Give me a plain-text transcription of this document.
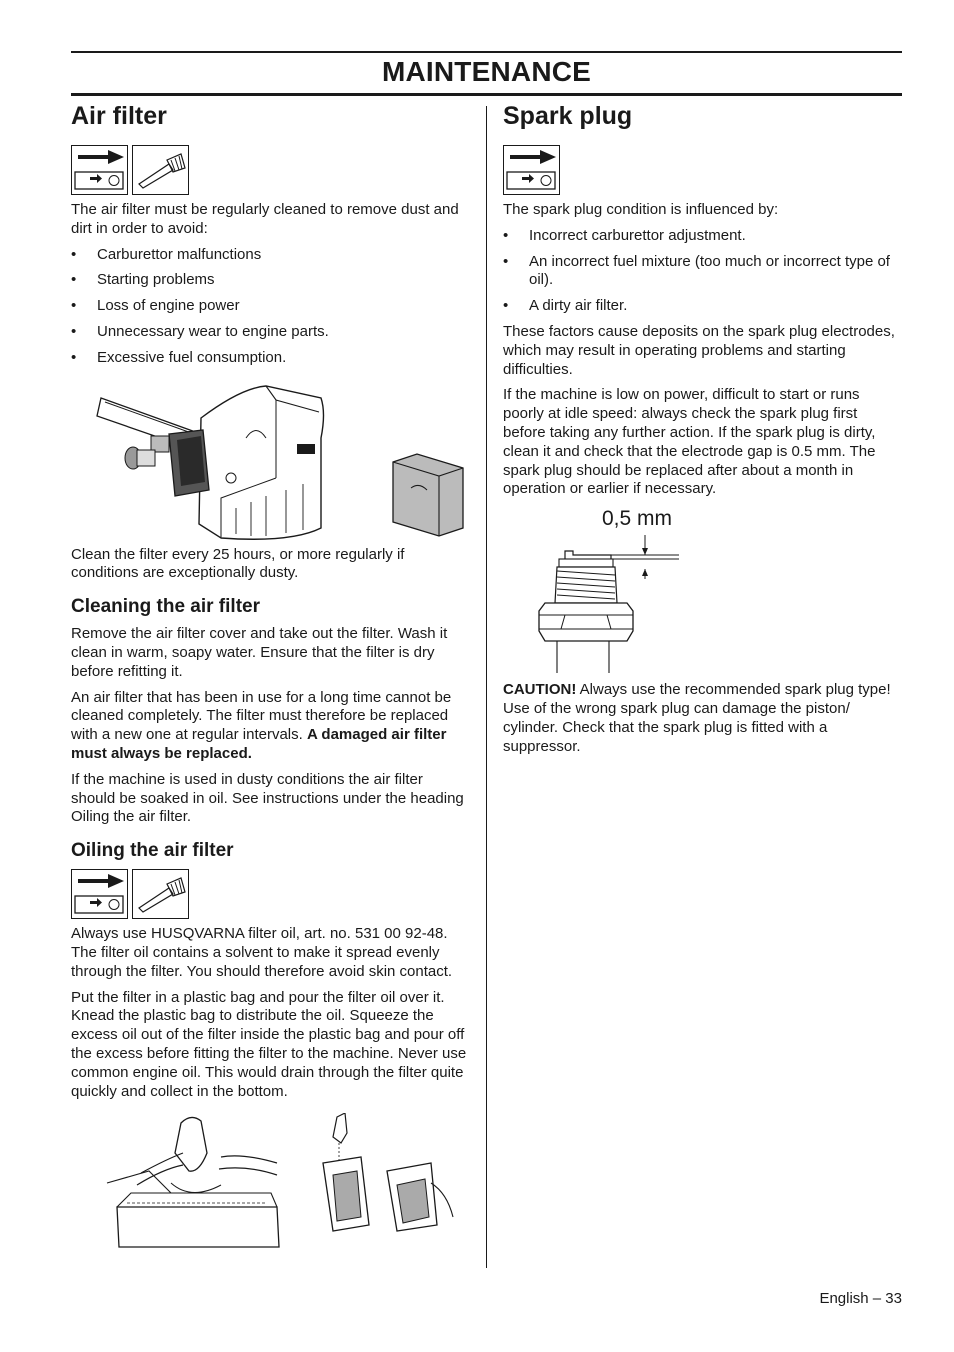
MAINTENANCE
Air filter

The air filter must be regularly cleaned to remove dust and dirt in order to avoid:

• Carburettor malfunctions
• Starting problems
• Loss of engine power
• Unnecessary wear to engine parts.
• Excessive fuel consumption.

Clean the filter every 25 hours, or more regularly if conditions are exceptionally dusty.

Cleaning the air filter

Remove the air filter cover and take out the filter. Wash it clean in warm, soapy water. Ensure that the filter is dry before refitting it.

An air filter that has been in use for a long time cannot be cleaned completely. The filter must therefore be replaced with a new one at regular intervals. A damaged air filter must always be replaced.

If the machine is used in dusty conditions the air filter should be soaked in oil. See instructions under the heading Oiling the air filter.

Oiling the air filter

Always use HUSQVARNA filter oil, art. no. 531 00 92-48. The filter oil contains a solvent to make it spread evenly through the filter. You should therefore avoid skin contact.

Put the filter in a plastic bag and pour the filter oil over it. Knead the plastic bag to distribute the oil. Squeeze the excess oil out of the filter inside the plastic bag and pour off the excess before fitting the filter to the machine. Never use common engine oil. This would drain through the filter quite quickly and collect in the bottom.

Spark plug

The spark plug condition is influenced by:

• Incorrect carburettor adjustment.
• An incorrect fuel mixture (too much or incorrect type of oil).
• A dirty air filter.

These factors cause deposits on the spark plug electrodes, which may result in operating problems and starting difficulties.

If the machine is low on power, difficult to start or runs poorly at idle speed: always check the spark plug first before taking any further action. If the spark plug is dirty, clean it and check that the electrode gap is 0.5 mm. The spark plug should be replaced after about a month in operation or earlier if necessary.

0,5 mm

CAUTION! Always use the recommended spark plug type! Use of the wrong spark plug can damage the piston/ cylinder. Check that the spark plug is fitted with a suppressor.

English – 33
